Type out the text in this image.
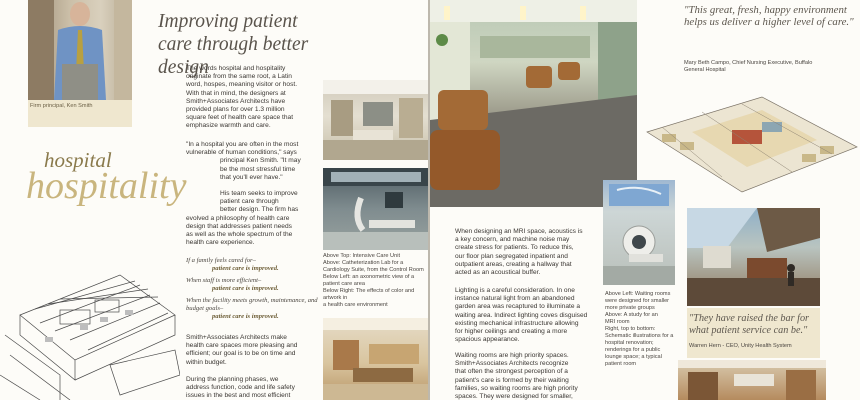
Firm principal, Ken Smith
Improving patient care through better design
The words hospital and hospitality
originate from the same root, a Latin
word, hospes, meaning visitor or host.
With that in mind, the designers at
Smith+Associates Architects have
provided plans for over 1.3 million
square feet of health care space that
emphasize warmth and care.
"In a hospital you are often in the most
vulnerable of human conditions," says
principal Ken Smith. "It may
be the most stressful time
that you'll ever have."
hospital
hospitality	His team seeks to improve
patient care through
better design. The firm has
evolved a philosophy of health care
design that addresses patient needs
as well as the whole spectrum of the
health care experience.
If a family feels cared for–
patient care is improved.
When staff is more efficient–
patient care is improved.
When the facility meets growth, maintenance, and budget goals–
patient care is improved.
Smith+Associates Architects make
health care spaces more pleasing and
efficient; our goal is to be on time and
within budget.
During the planning phases, we
address function, code and life safety
issues in the best and most efficient
Above Top: Intensive Care Unit
Above: Catheterization Lab for a
Cardiology Suite, from the Control Room
Below Left: an axonometric view of a
patient care area
Below Right: The effects of color and artwork in
a health care environment
"This great, fresh, happy environment helps us deliver a higher level of care."
Mary Beth Campo, Chief Nursing Executive, Buffalo General Hospital
When designing an MRI space, acoustics is
a key concern, and machine noise may
create stress for patients. To reduce this,
our floor plan segregated inpatient and
outpatient areas, creating a hallway that
acted as an acoustical buffer.
Lighting is a careful consideration. In one
instance natural light from an abandoned
garden area was recaptured to illuminate a
waiting area. Indirect lighting coves disguised
existing mechanical infrastructure allowing
for higher ceilings and creating a more
spacious appearance.
Waiting rooms are high priority spaces.
Smith+Associates Architects recognize
that often the strongest perception of a
patient's care is formed by their waiting
families, so waiting rooms are high priority
spaces. They were designed for smaller,
Above Left: Waiting rooms
were designed for smaller
more private groups
Above: A study for an
MRI room
Right, top to bottom:
Schematic illustrations for a
hospital renovation;
renderings for a public
lounge space; a typical
patient room
"They have raised the bar for what patient service can be."
Warren Hern - CEO, Unity Health System
